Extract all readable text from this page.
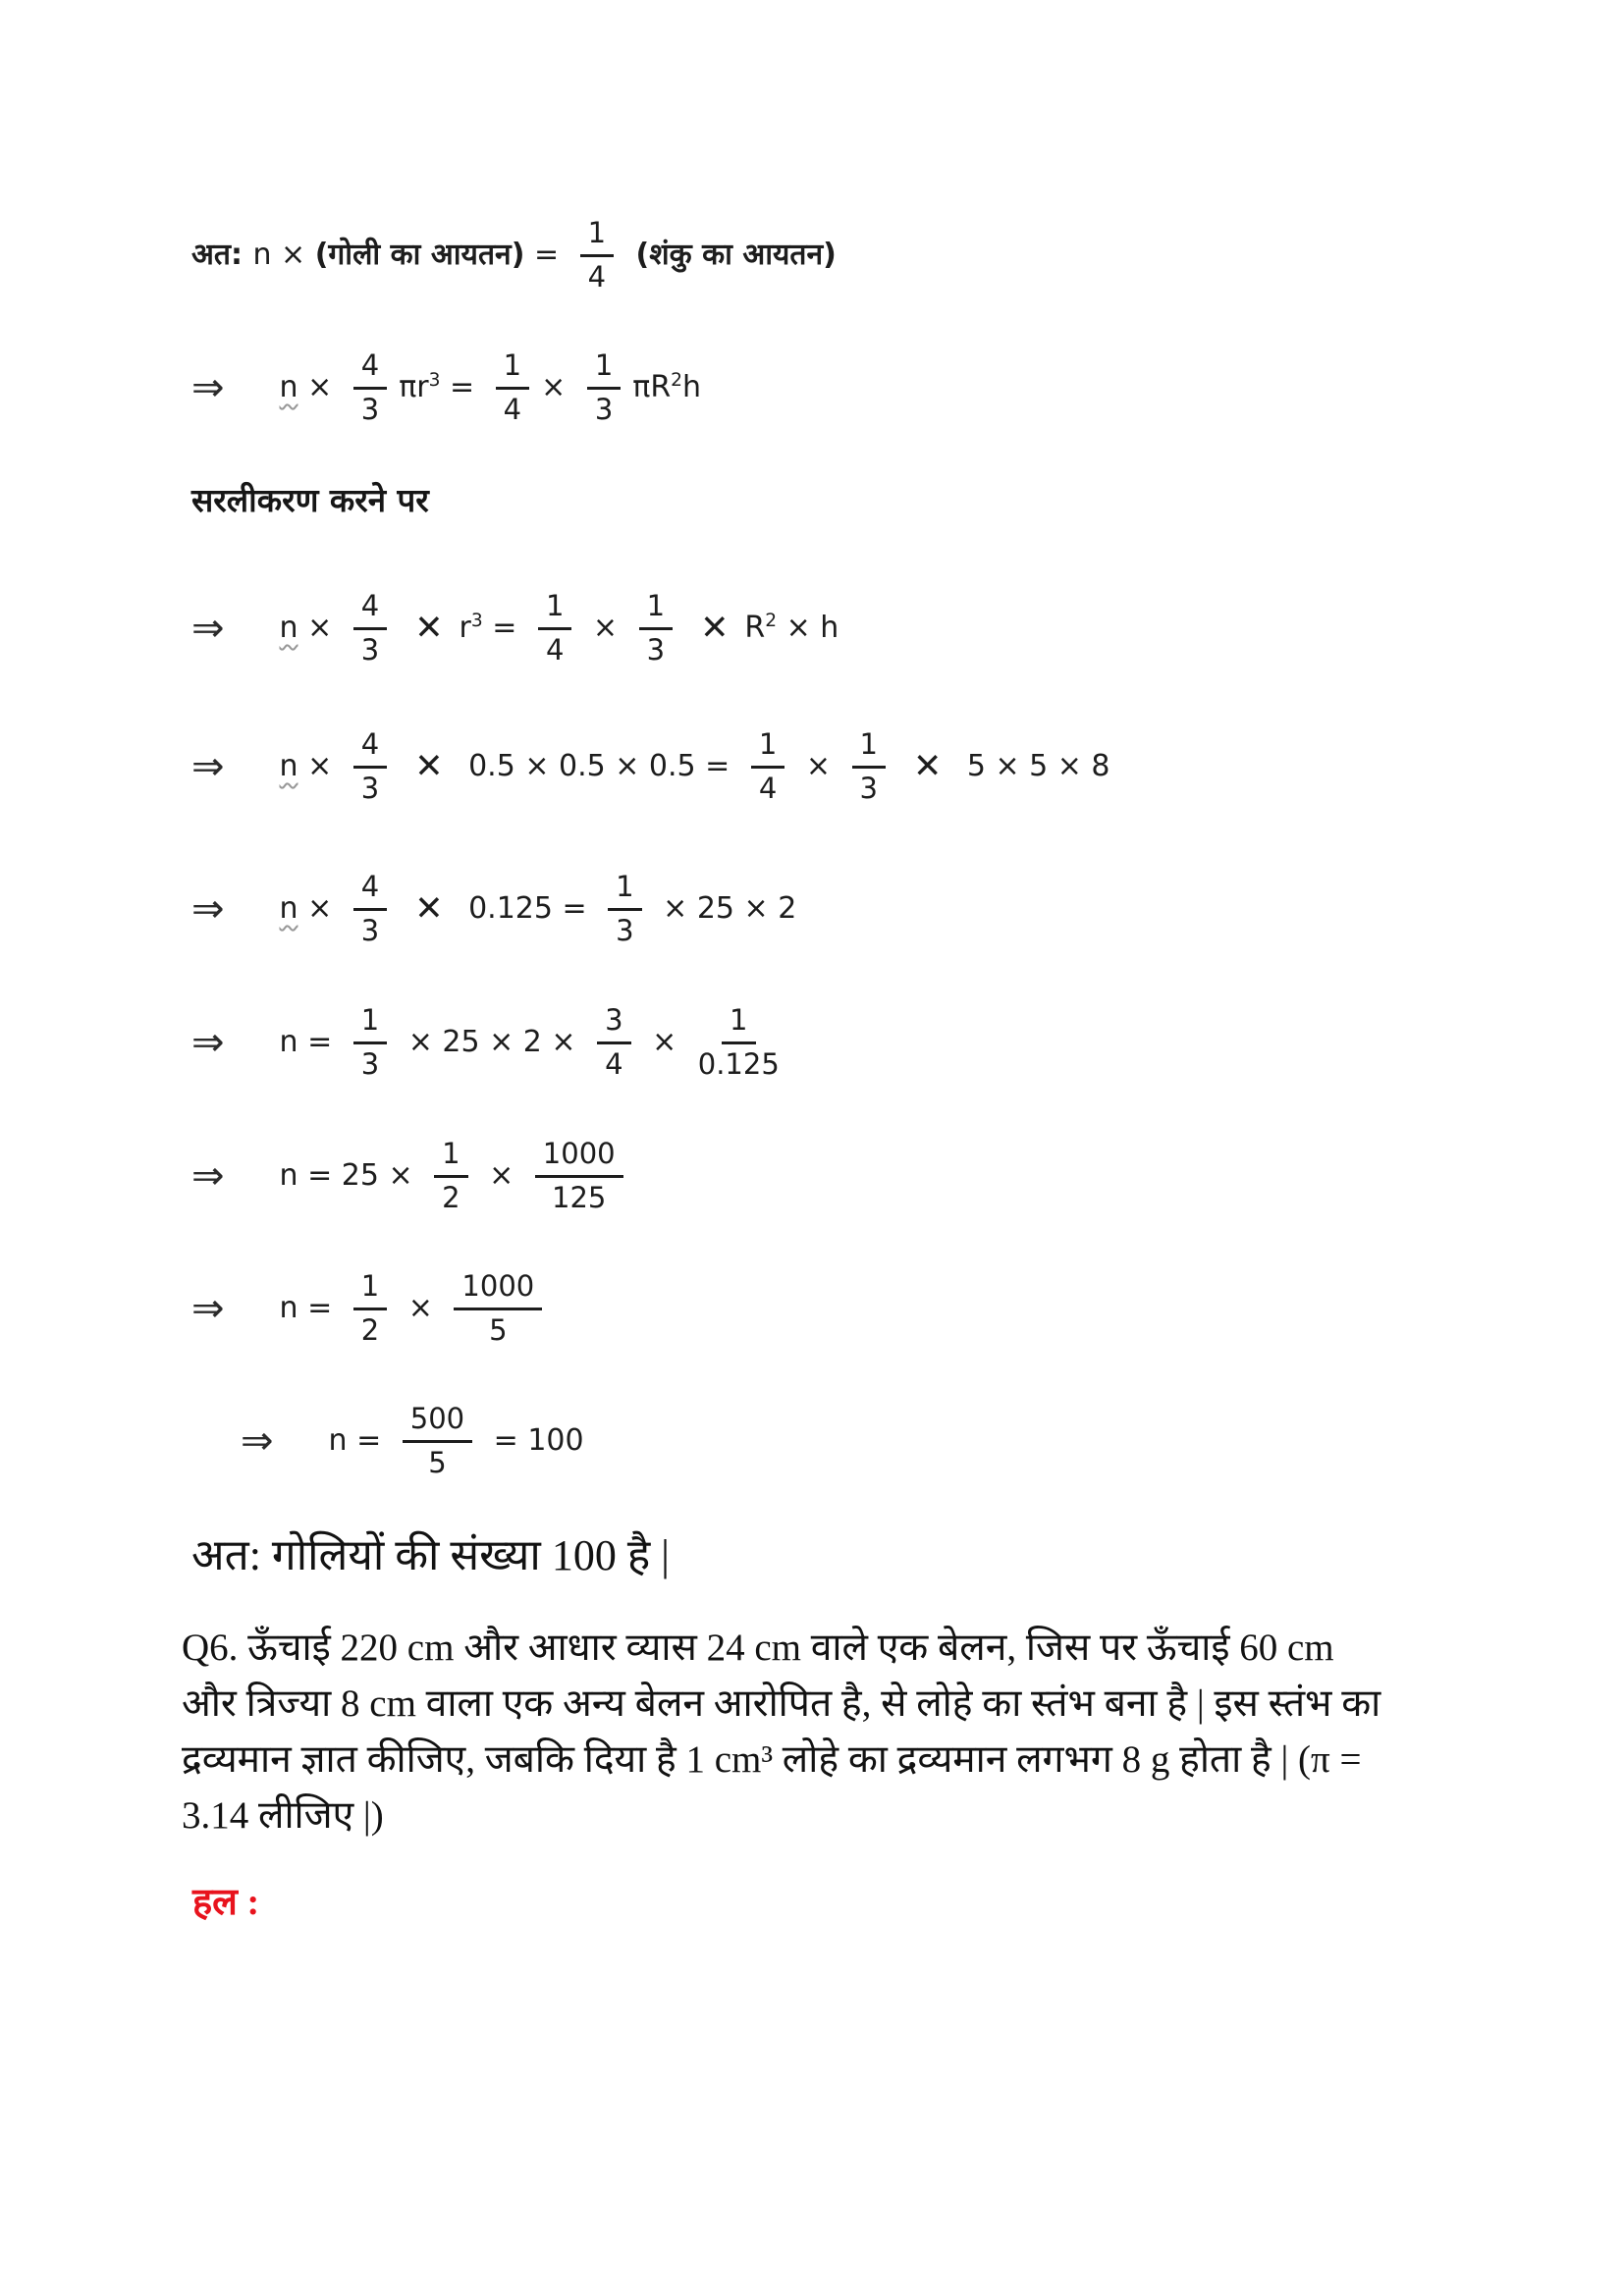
अत: n × (गोली का आयतन) = $\frac{1}{4}$ (शंकु का आयतन)
⇒ $n \times \frac{4}{3} \pi r^3 = \frac{1}{4} \times \frac{1}{3} \pi R^2h$
सरलीकरण करने पर
⇒ $n \times \frac{4}{3}$ ✕ $r^3 = \frac{1}{4} \times \frac{1}{3}$ ✕ $R^2 \times h$
⇒ $n \times \frac{4}{3}$ ✕ $0.5 \times 0.5 \times 0.5 = \frac{1}{4} \times \frac{1}{3}$ ✕ 5 × 5 × 8
⇒ $n \times \frac{4}{3}$ ✕ $0.125 = \frac{1}{3} \times 25 \times 2$
⇒ $n = \frac{1}{3} \times 25 \times 2 \times \frac{3}{4} \times \frac{1}{0.125}$
⇒ $n = 25 \times \frac{1}{2} \times \frac{1000}{125}$
⇒ $n = \frac{1}{2} \times \frac{1000}{5}$
⇒ $n = \frac{500}{5} = 100$
अत: गोलियों की संख्या 100 है |
Q6. ऊँचाई 220 cm और आधार व्यास 24 cm वाले एक बेलन, जिस पर ऊँचाई 60 cm
और त्रिज्या 8 cm वाला एक अन्य बेलन आरोपित है, से लोहे का स्तंभ बना है | इस स्तंभ का
द्रव्यमान ज्ञात कीजिए, जबकि दिया है 1 cm³ लोहे का द्रव्यमान लगभग 8 g होता है | (π =
3.14 लीजिए |)
हल :
